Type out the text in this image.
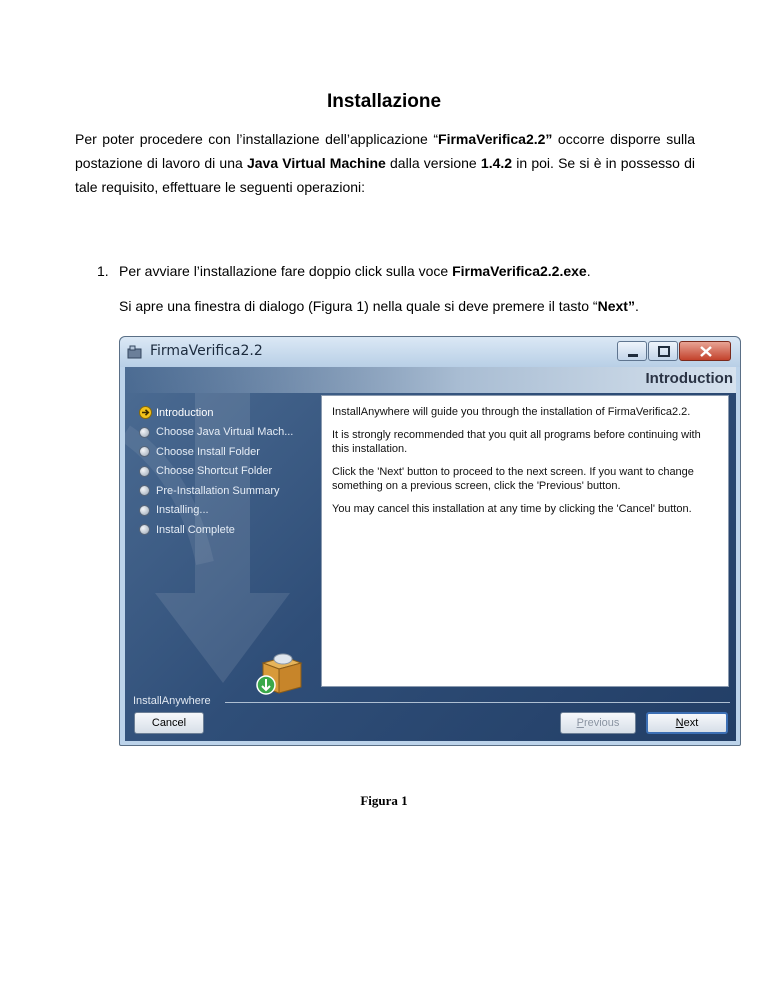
Installazione
Per poter procedere con l’installazione dell’applicazione “FirmaVerifica2.2” occorre disporre sulla postazione di lavoro di una Java Virtual Machine dalla versione 1.4.2 in poi. Se si è in possesso di tale requisito, effettuare le seguenti operazioni:
1. Per avviare l’installazione fare doppio click sulla voce FirmaVerifica2.2.exe.
Si apre una finestra di dialogo (Figura 1) nella quale si deve premere il tasto “Next”.
FirmaVerifica2.2
Introduction
Introduction
Choose Java Virtual Mach...
Choose Install Folder
Choose Shortcut Folder
Pre-Installation Summary
Installing...
Install Complete

InstallAnywhere will guide you through the installation of FirmaVerifica2.2.

It is strongly recommended that you quit all programs before continuing with this installation.

Click the 'Next' button to proceed to the next screen. If you want to change something on a previous screen, click the 'Previous' button.

You may cancel this installation at any time by clicking the 'Cancel' button.

InstallAnywhere
Cancel	Previous	Next
Figura 1
